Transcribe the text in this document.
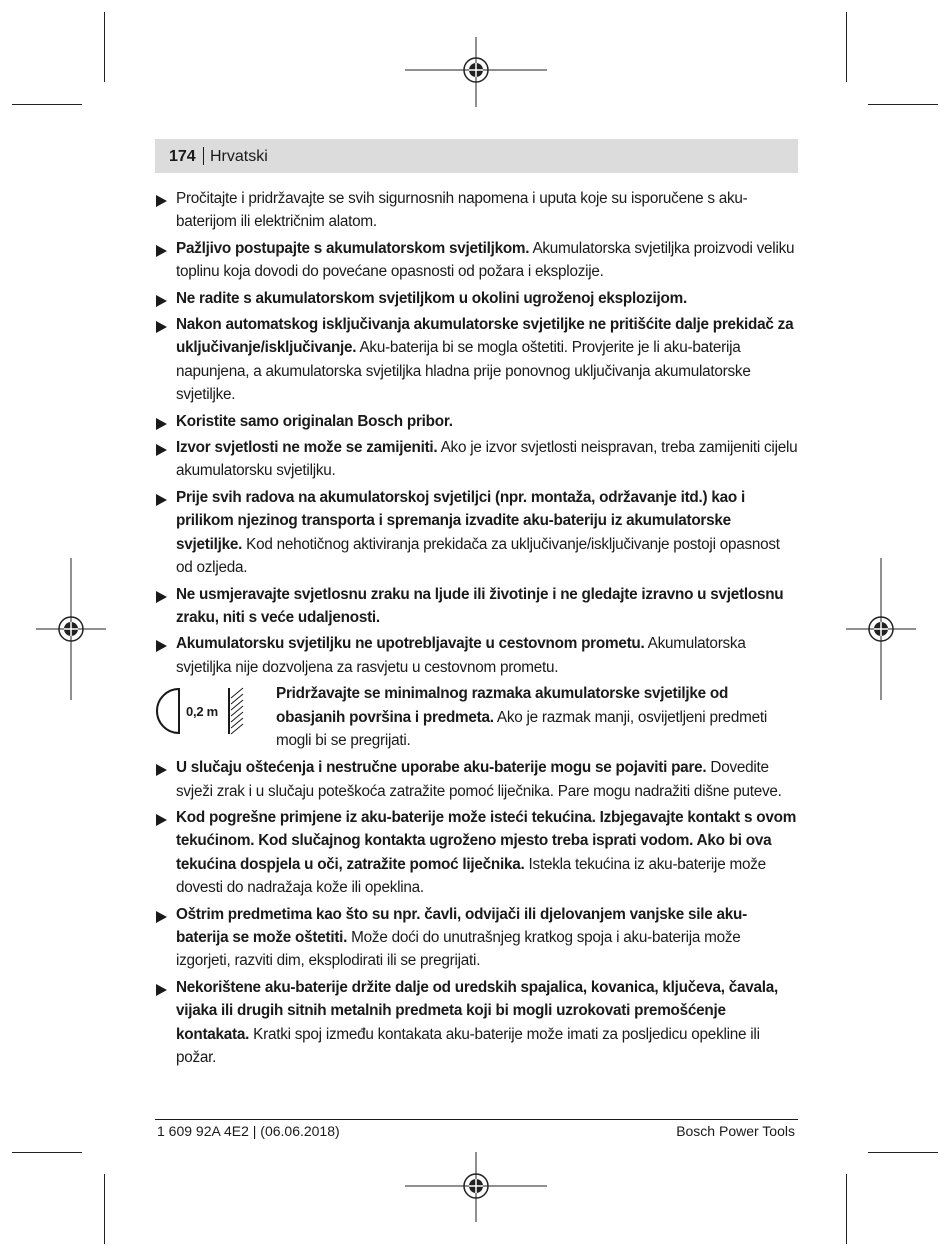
174 Hrvatski
Pročitajte i pridržavajte se svih sigurnosnih napomena i uputa koje su isporučene s aku-baterijom ili električnim alatom.
Pažljivo postupajte s akumulatorskom svjetiljkom. Akumulatorska svjetiljka proizvodi veliku toplinu koja dovodi do povećane opasnosti od požara i eksplozije.
Ne radite s akumulatorskom svjetiljkom u okolini ugroženoj eksplozijom.
Nakon automatskog isključivanja akumulatorske svjetiljke ne pritišćite dalje prekidač za uključivanje/isključivanje. Aku-baterija bi se mogla oštetiti. Provjerite je li aku-baterija napunjena, a akumulatorska svjetiljka hladna prije ponovnog uključivanja akumulatorske svjetiljke.
Koristite samo originalan Bosch pribor.
Izvor svjetlosti ne može se zamijeniti. Ako je izvor svjetlosti neispravan, treba zamijeniti cijelu akumulatorsku svjetiljku.
Prije svih radova na akumulatorskoj svjetiljci (npr. montaža, održavanje itd.) kao i prilikom njezinog transporta i spremanja izvadite aku-bateriju iz akumulatorske svjetiljke. Kod nehotičnog aktiviranja prekidača za uključivanje/isključivanje postoji opasnost od ozljeda.
Ne usmjeravajte svjetlosnu zraku na ljude ili životinje i ne gledajte izravno u svjetlosnu zraku, niti s veće udaljenosti.
Akumulatorsku svjetiljku ne upotrebljavajte u cestovnom prometu. Akumulatorska svjetiljka nije dozvoljena za rasvjetu u cestovnom prometu.
0,2 m
Pridržavajte se minimalnog razmaka akumulatorske svjetiljke od obasjanih površina i predmeta. Ako je razmak manji, osvijetljeni predmeti mogli bi se pregrijati.
U slučaju oštećenja i nestručne uporabe aku-baterije mogu se pojaviti pare. Dovedite svježi zrak i u slučaju poteškoća zatražite pomoć liječnika. Pare mogu nadražiti dišne puteve.
Kod pogrešne primjene iz aku-baterije može isteći tekućina. Izbjegavajte kontakt s ovom tekućinom. Kod slučajnog kontakta ugroženo mjesto treba isprati vodom. Ako bi ova tekućina dospjela u oči, zatražite pomoć liječnika. Istekla tekućina iz aku-baterije može dovesti do nadražaja kože ili opeklina.
Oštrim predmetima kao što su npr. čavli, odvijači ili djelovanjem vanjske sile aku-baterija se može oštetiti. Može doći do unutrašnjeg kratkog spoja i aku-baterija može izgorjeti, razviti dim, eksplodirati ili se pregrijati.
Nekorištene aku-baterije držite dalje od uredskih spajalica, kovanica, ključeva, čavala, vijaka ili drugih sitnih metalnih predmeta koji bi mogli uzrokovati premošćenje kontakata. Kratki spoj između kontakata aku-baterije može imati za posljedicu opekline ili požar.
1 609 92A 4E2 | (06.06.2018)	Bosch Power Tools
